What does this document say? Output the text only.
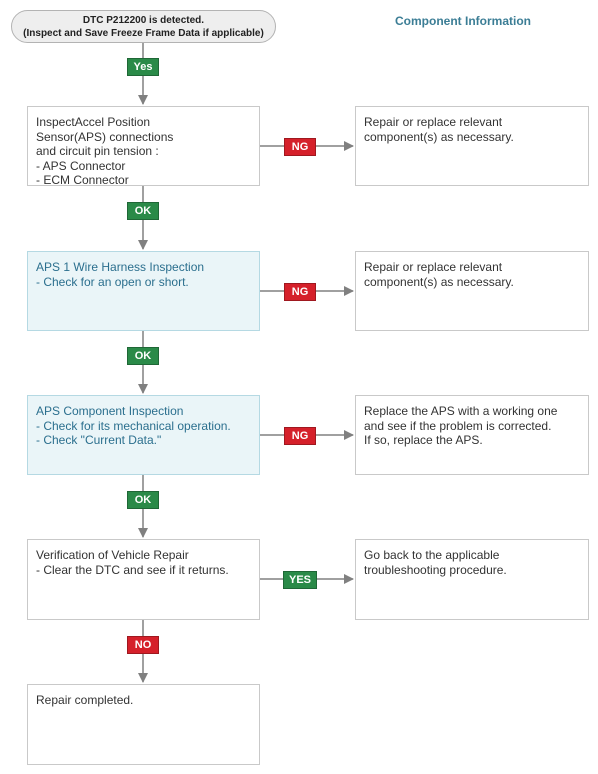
DTC P212200 is detected.
(Inspect and Save Freeze Frame Data if applicable)
Component Information
Yes
InspectAccel Position
Sensor(APS) connections
and circuit pin tension :
- APS Connector
- ECM Connector
NG
Repair or replace relevant
component(s) as necessary.
OK
APS 1 Wire Harness Inspection
- Check for an open or short.
NG
Repair or replace relevant
component(s) as necessary.
OK
APS Component Inspection
- Check for its mechanical operation.
- Check "Current Data."	NG
Replace the APS with a working one
and see if the problem is corrected.
If so, replace the APS.
OK
Verification of Vehicle Repair
- Clear the DTC and see if it returns.
YES
Go back to the applicable
troubleshooting procedure.
NO
Repair completed.
